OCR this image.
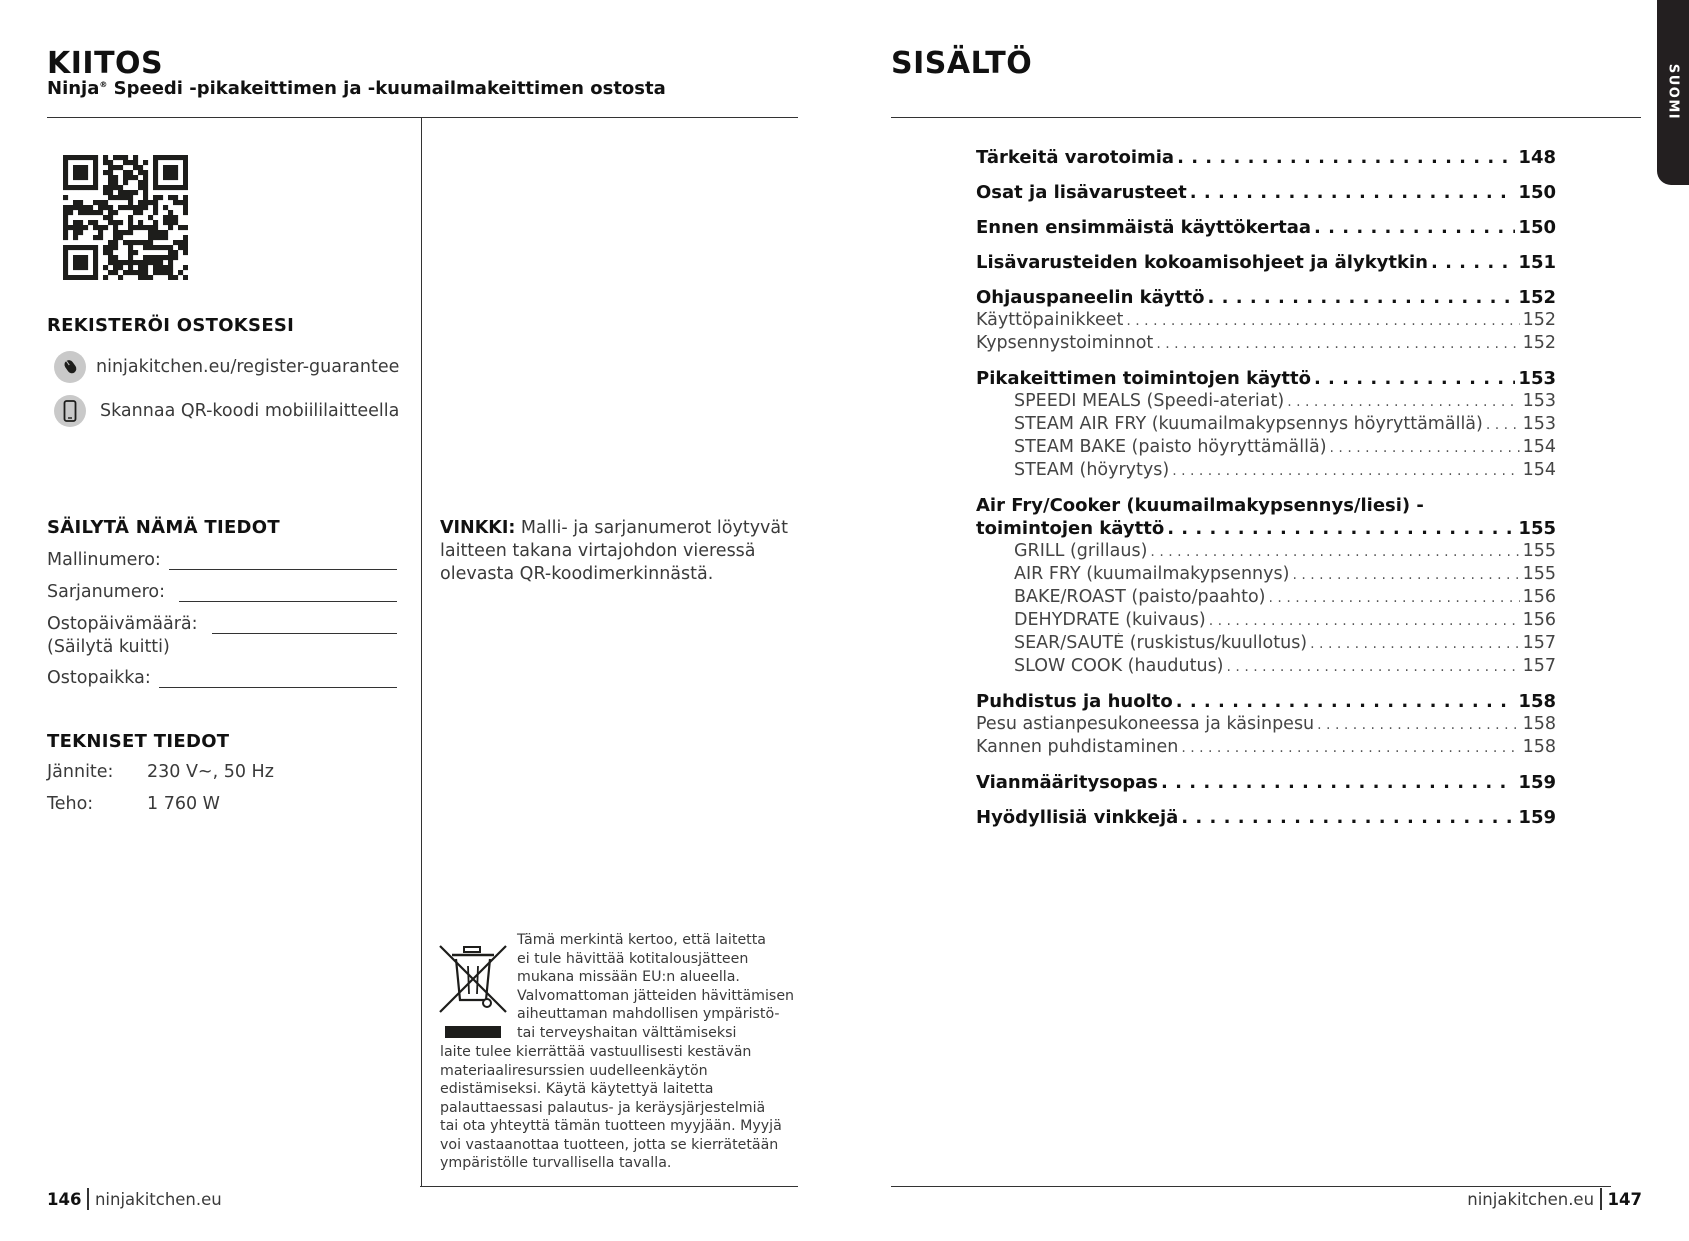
KIITOS
Ninja® Speedi -pikakeittimen ja -kuumailmakeittimen ostosta
REKISTERÖI OSTOKSESI
ninjakitchen.eu/register-guarantee
Skannaa QR-koodi mobiililaitteella
SÄILYTÄ NÄMÄ TIEDOT
Mallinumero:
Sarjanumero:
Ostopäivämäärä:
(Säilytä kuitti)
Ostopaikka:
TEKNISET TIEDOT
Jännite:	230 V~, 50 Hz
Teho:	1 760 W
VINKKI: Malli- ja sarjanumerot löytyvät laitteen takana virtajohdon vieressä olevasta QR-koodimerkinnästä.
Tämä merkintä kertoo, että laitetta
ei tule hävittää kotitalousjätteen
mukana missään EU:n alueella.
Valvomattoman jätteiden hävittämisen
aiheuttaman mahdollisen ympäristö-
tai terveyshaitan välttämiseksi
laite tulee kierrättää vastuullisesti kestävän
materiaaliresurssien uudelleenkäytön
edistämiseksi. Käytä käytettyä laitetta
palauttaessasi palautus- ja keräysjärjestelmiä
tai ota yhteyttä tämän tuotteen myyjään. Myyjä
voi vastaanottaa tuotteen, jotta se kierrätetään
ympäristölle turvallisella tavalla.
146 ninjakitchen.eu
SISÄLTÖ
SUOMI
Tärkeitä varotoimia . . .	148
Osat ja lisävarusteet . . .	150
Ennen ensimmäistä käyttökertaa . . .	150
Lisävarusteiden kokoamisohjeet ja älykytkin . . .	151
Ohjauspaneelin käyttö . . .	152
Käyttöpainikkeet . . .	152
Kypsennystoiminnot . . .	152
Pikakeittimen toimintojen käyttö . . .	153
SPEEDI MEALS (Speedi-ateriat) . . .	153
STEAM AIR FRY (kuumailmakypsennys höyryttämällä) . . . 153
STEAM BAKE (paisto höyryttämällä) . . .	154
STEAM (höyrytys) . . .	154
Air Fry/Cooker (kuumailmakypsennys/liesi) -
toimintojen käyttö . . .	155
GRILL (grillaus) . . .	155
AIR FRY (kuumailmakypsennys) . . .	155
BAKE/ROAST (paisto/paahto) . . .	156
DEHYDRATE (kuivaus) . . .	156
SEAR/SAUTÉ (ruskistus/kuullotus) . . .	157
SLOW COOK (haudutus) . . .	157
Puhdistus ja huolto . . .	158
Pesu astianpesukoneessa ja käsinpesu . . .	158
Kannen puhdistaminen . . .	158
Vianmääritysopas . . .	159
Hyödyllisiä vinkkejä . . .	159
ninjakitchen.eu 147
